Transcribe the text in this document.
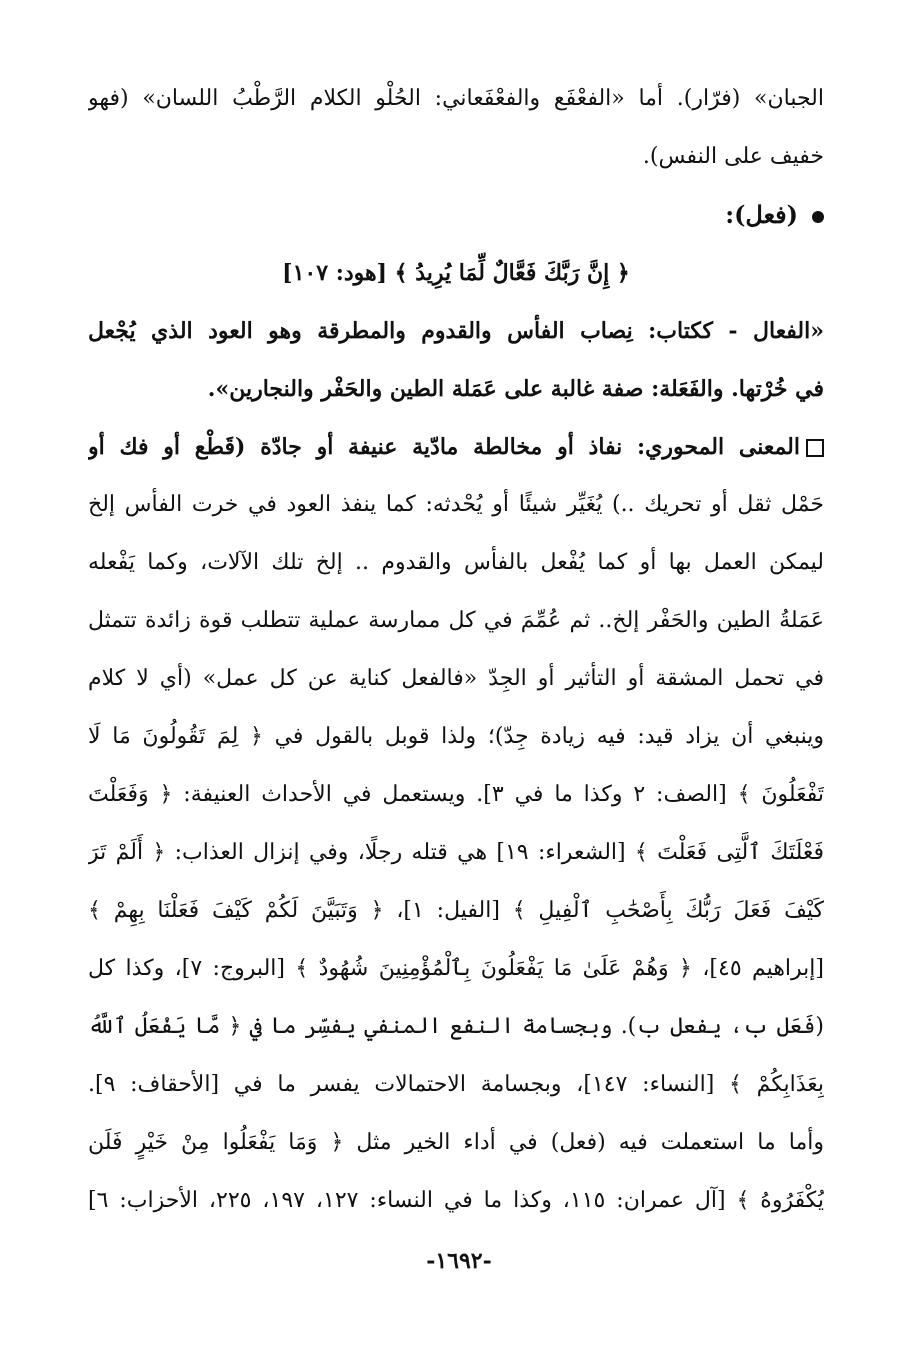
الجبان» (فرّار). أما «الفعْفَع والفعْفَعاني: الحُلْو الكلام الرَّطْبُ اللسان» (فهو
خفيف على النفس).
(فعل):
﴿ إِنَّ رَبَّكَ فَعَّالٌ لِّمَا يُرِيدُ ﴾ [هود: ١٠٧]
«الفعال - ككتاب: نِصاب الفأس والقدوم والمطرقة وهو العود الذي يُجْعل
في خُرْتها. والفَعَلة: صفة غالبة على عَمَلة الطين والحَفْر والنجارين».
المعنى المحوري: نفاذ أو مخالطة مادّية عنيفة أو جادّة (قَطْع أو فك أو
حَمْل ثقل أو تحريك ..) يُغَيِّر شيئًا أو يُحْدثه: كما ينفذ العود في خرت الفأس إلخ
ليمكن العمل بها أو كما يُفْعل بالفأس والقدوم .. إلخ تلك الآلات، وكما يَفْعله
عَمَلةُ الطين والحَفْر إلخ.. ثم عُمِّمَ في كل ممارسة عملية تتطلب قوة زائدة تتمثل
في تحمل المشقة أو التأثير أو الجِدّ «فالفعل كناية عن كل عمل» (أي لا كلام
وينبغي أن يزاد قيد: فيه زيادة جِدّ)؛ ولذا قوبل بالقول في ﴿ لِمَ تَقُولُونَ مَا لَا
تَفْعَلُونَ ﴾ [الصف: ٢ وكذا ما في ٣]. ويستعمل في الأحداث العنيفة: ﴿ وَفَعَلْتَ
فَعْلَتَكَ ٱلَّتِى فَعَلْتَ ﴾ [الشعراء: ١٩] هي قتله رجلًا، وفي إنزال العذاب: ﴿ أَلَمْ تَرَ
كَيْفَ فَعَلَ رَبُّكَ بِأَصْحَٰبِ ٱلْفِيلِ ﴾ [الفيل: ١]، ﴿ وَتَبَيَّنَ لَكُمْ كَيْفَ فَعَلْنَا بِهِمْ ﴾
[إبراهيم ٤٥]، ﴿ وَهُمْ عَلَىٰ مَا يَفْعَلُونَ بِٱلْمُؤْمِنِينَ شُهُودٌ ﴾ [البروج: ٧]، وكذا كل
(فَعَل ب، يفعل ب). وبجسامة النفع المنفي يفسِّر ما في ﴿ مَّا يَفْعَلُ ٱللَّهُ
بِعَذَابِكُمْ ﴾ [النساء: ١٤٧]، وبجسامة الاحتمالات يفسر ما في [الأحقاف: ٩].
وأما ما استعملت فيه (فعل) في أداء الخير مثل ﴿ وَمَا يَفْعَلُوا مِنْ خَيْرٍ فَلَن
يُكْفَرُوهُ ﴾ [آل عمران: ١١٥، وكذا ما في النساء: ١٢٧، ١٩٧، ٢٢٥، الأحزاب: ٦]
-١٦٩٢-
